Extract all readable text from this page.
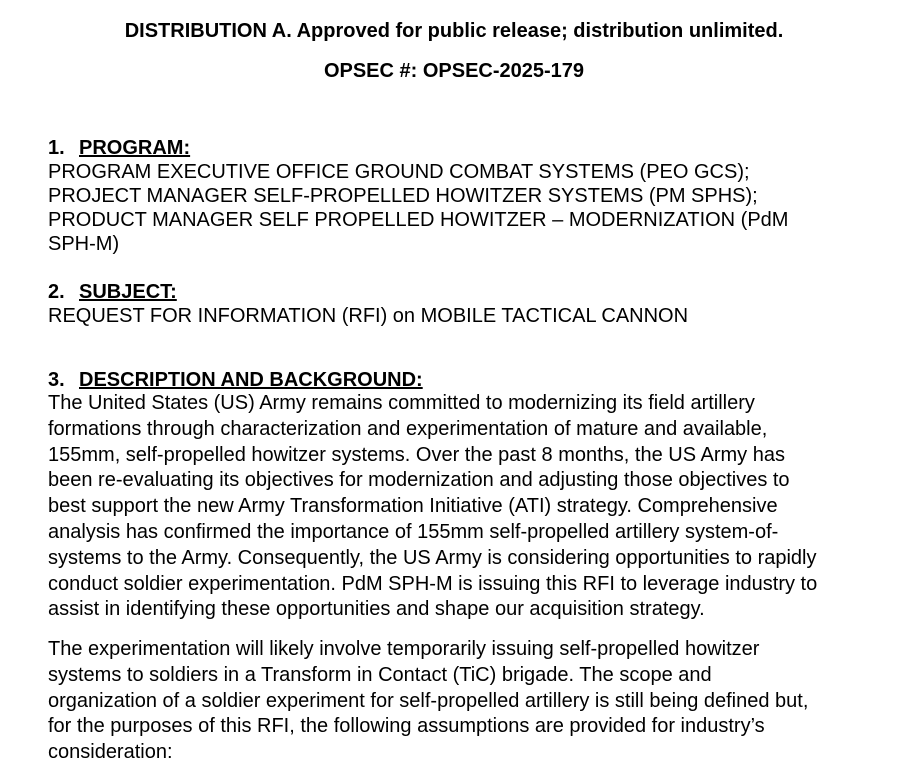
DISTRIBUTION A. Approved for public release; distribution unlimited.
OPSEC #: OPSEC-2025-179
1. PROGRAM:
PROGRAM EXECUTIVE OFFICE GROUND COMBAT SYSTEMS (PEO GCS);
PROJECT MANAGER SELF-PROPELLED HOWITZER SYSTEMS (PM SPHS);
PRODUCT MANAGER SELF PROPELLED HOWITZER – MODERNIZATION (PdM
SPH-M)
2. SUBJECT:
REQUEST FOR INFORMATION (RFI) on MOBILE TACTICAL CANNON
3. DESCRIPTION AND BACKGROUND:
The United States (US) Army remains committed to modernizing its field artillery
formations through characterization and experimentation of mature and available,
155mm, self-propelled howitzer systems. Over the past 8 months, the US Army has
been re-evaluating its objectives for modernization and adjusting those objectives to
best support the new Army Transformation Initiative (ATI) strategy. Comprehensive
analysis has confirmed the importance of 155mm self-propelled artillery system-of-
systems to the Army. Consequently, the US Army is considering opportunities to rapidly
conduct soldier experimentation. PdM SPH-M is issuing this RFI to leverage industry to
assist in identifying these opportunities and shape our acquisition strategy.
The experimentation will likely involve temporarily issuing self-propelled howitzer
systems to soldiers in a Transform in Contact (TiC) brigade. The scope and
organization of a soldier experiment for self-propelled artillery is still being defined but,
for the purposes of this RFI, the following assumptions are provided for industry’s
consideration:
